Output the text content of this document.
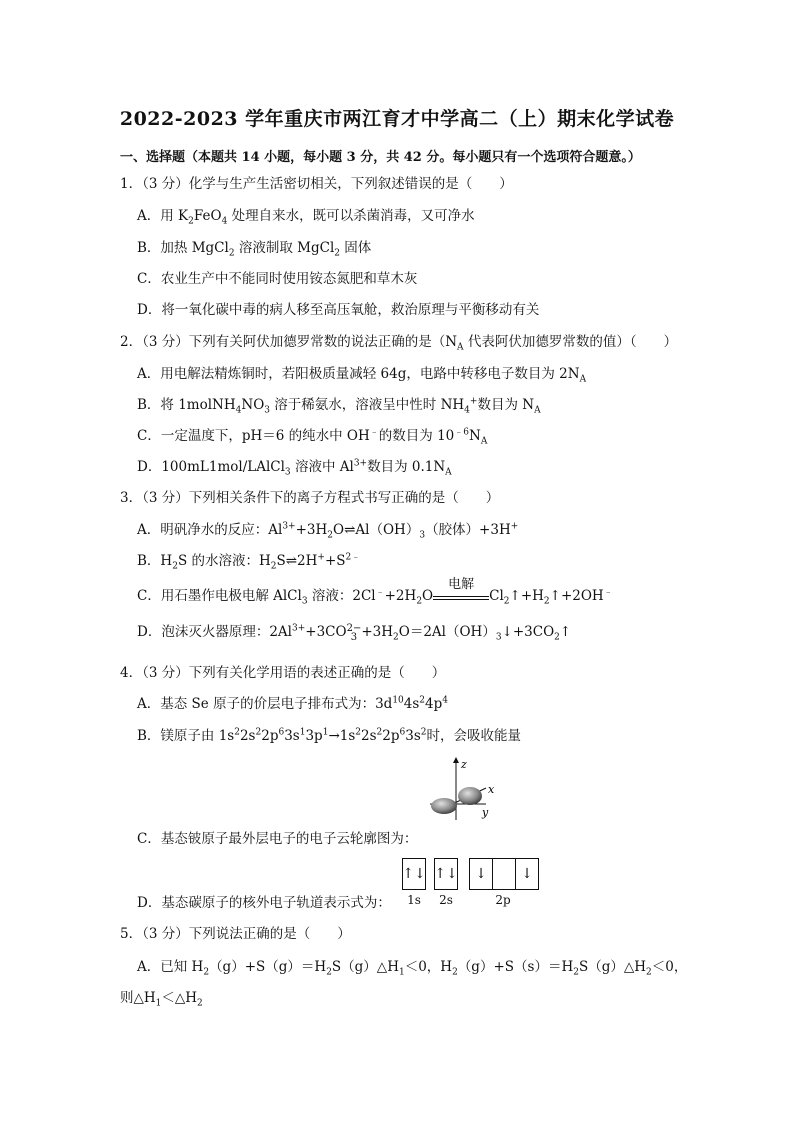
2022-2023 学年重庆市两江育才中学高二（上）期末化学试卷
一、选择题（本题共 14 小题，每小题 3 分，共 42 分。每小题只有一个选项符合题意。）
1．（3 分）化学与生产生活密切相关，下列叙述错误的是（　　）
A．用 $K_2FeO_4$ 处理自来水，既可以杀菌消毒，又可净水
B．加热 MgCl$_2$ 溶液制取 MgCl$_2$ 固体
C．农业生产中不能同时使用铵态氮肥和草木灰
D．将一氧化碳中毒的病人移至高压氧舱，救治原理与平衡移动有关
2．（3 分）下列有关阿伏加德罗常数的说法正确的是（$N_A$ 代表阿伏加德罗常数的值）（　　）
A．用电解法精炼铜时，若阳极质量减轻 64g，电路中转移电子数目为 $2N_A$
B．将 $1molNH_4NO_3$ 溶于稀氨水，溶液呈中性时 $NH_4^+$数目为 $N_A$
C．一定温度下，pH＝6 的纯水中 OH﹣的数目为 $10^{﹣6}N_A$
D．100mL1mol/LAlCl$_3$ 溶液中 $Al^{3+}$数目为 $0.1N_A$
3．（3 分）下列相关条件下的离子方程式书写正确的是（　　）
A．明矾净水的反应：$Al^{3+}+3H_2O\rightleftharpoons Al(OH)_3$（胶体）+3H+
B．$H_2S$ 的水溶液：$H_2S\rightleftharpoons 2H^++S^{2﹣}$
C．用石墨作电极电解 AlCl$_3$ 溶液：$2Cl^﹣+2H_2O$
电解
$Cl_2↑+H_2↑+2OH^﹣$
D．泡沫灭火器原理：$2Al^{3+}+3CO2-$
$3 +3H_2O=2Al(OH)_3↓+3CO_2↑$
4．（3 分）下列有关化学用语的表述正确的是（　　）
A．基态 Se 原子的价层电子排布式为：$3d^{10}4s^24p^4$
B．镁原子由 $1s^22s^22p^63s^13p^1\to 1s^22s^22p^63s^2$时，会吸收能量
z
x
y
C．基态铍原子最外层电子的电子云轮廓图为：
↑↓ ↑↓	↓	↓
1s	2s	2p
D．基态碳原子的核外电子轨道表示式为：
5．（3 分）下列说法正确的是（　　）
A．已知 $H_2(g)+S(g)=H_2S(g)\triangle H_1<0$，$H_2(g)+S(s)=H_2S(g)\triangle H_2<0$，
则$\triangle H_1<\triangle H_2$
